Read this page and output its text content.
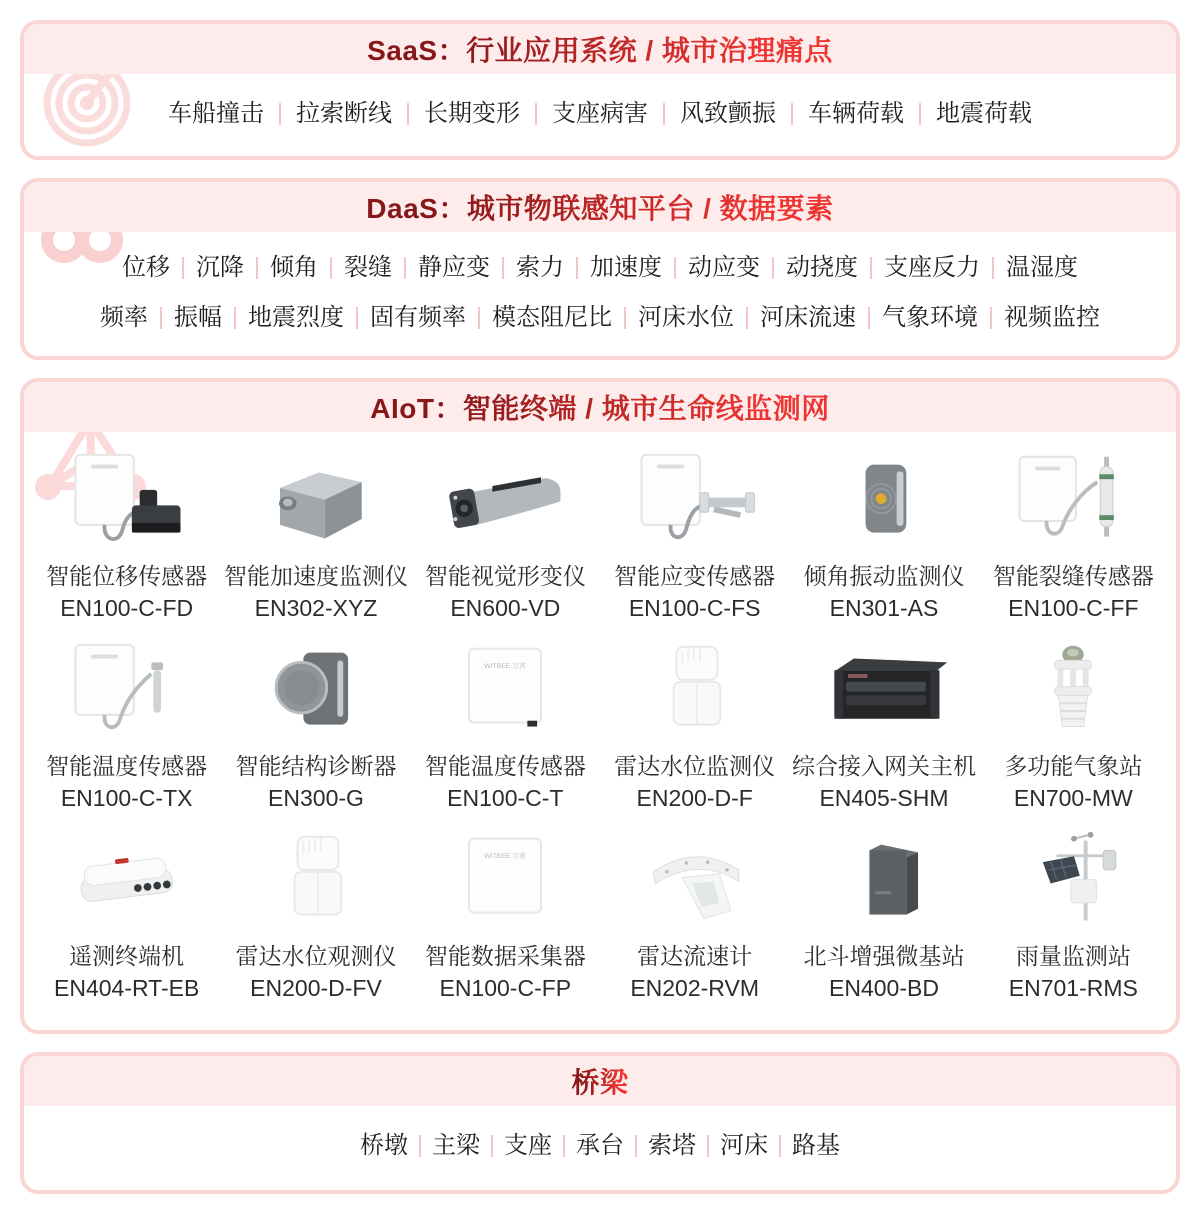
SaaS：行业应用系统 / 城市治理痛点
车船撞击	拉索断线	长期变形	支座病害	风致颤振	车辆荷载	地震荷载
DaaS：城市物联感知平台 / 数据要素
位移	沉降	倾角	裂缝	静应变	索力	加速度	动应变	动挠度	支座反力	温湿度
频率	振幅	地震烈度	固有频率	模态阻尼比	河床水位	河床流速	气象环境	视频监控
AIoT：智能终端 / 城市生命线监测网
智能位移传感器
EN100-C-FD
智能加速度监测仪
EN302-XYZ
智能视觉形变仪
EN600-VD
智能应变传感器
EN100-C-FS
倾角振动监测仪
EN301-AS
智能裂缝传感器
EN100-C-FF
智能温度传感器
EN100-C-TX
智能结构诊断器
EN300-G
WITBEE 万宾
智能温度传感器
EN100-C-T
雷达水位监测仪
EN200-D-F
综合接入网关主机
EN405-SHM
多功能气象站
EN700-MW
遥测终端机
EN404-RT-EB
雷达水位观测仪
EN200-D-FV
WITBEE 万宾
智能数据采集器
EN100-C-FP
雷达流速计
EN202-RVM
北斗增强微基站
EN400-BD
雨量监测站
EN701-RMS
桥梁
桥墩	主梁	支座	承台	索塔	河床	路基
